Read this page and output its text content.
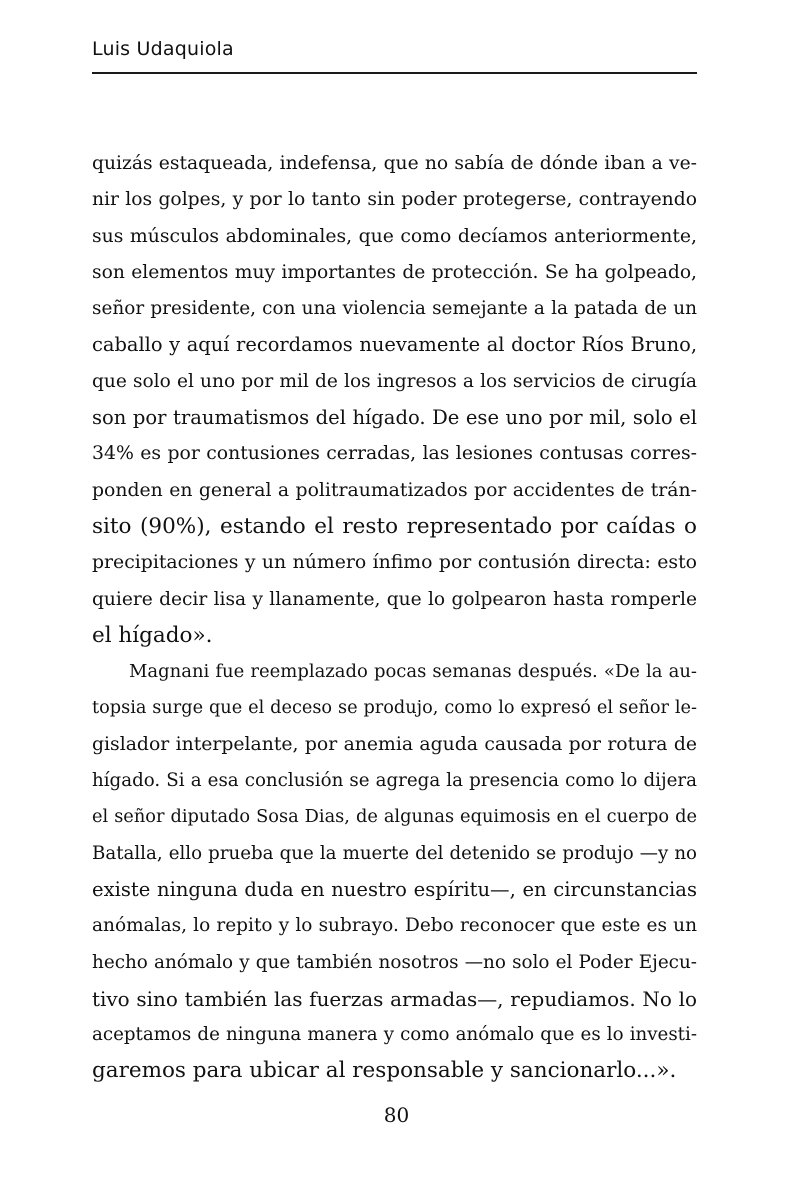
Luis Udaquiola
quizás estaqueada, indefensa, que no sabía de dónde iban a ve-
nir los golpes, y por lo tanto sin poder protegerse, contrayendo
sus músculos abdominales, que como decíamos anteriormente,
son elementos muy importantes de protección. Se ha golpeado,
señor presidente, con una violencia semejante a la patada de un
caballo y aquí recordamos nuevamente al doctor Ríos Bruno,
que solo el uno por mil de los ingresos a los servicios de cirugía
son por traumatismos del hígado. De ese uno por mil, solo el
34% es por contusiones cerradas, las lesiones contusas corres-
ponden en general a politraumatizados por accidentes de trán-
sito (90%), estando el resto representado por caídas o
precipitaciones y un número ínfimo por contusión directa: esto
quiere decir lisa y llanamente, que lo golpearon hasta romperle
el hígado».
Magnani fue reemplazado pocas semanas después. «De la au-
topsia surge que el deceso se produjo, como lo expresó el señor le-
gislador interpelante, por anemia aguda causada por rotura de
hígado. Si a esa conclusión se agrega la presencia como lo dijera
el señor diputado Sosa Dias, de algunas equimosis en el cuerpo de
Batalla, ello prueba que la muerte del detenido se produjo —y no
existe ninguna duda en nuestro espíritu—, en circunstancias
anómalas, lo repito y lo subrayo. Debo reconocer que este es un
hecho anómalo y que también nosotros —no solo el Poder Ejecu-
tivo sino también las fuerzas armadas—, repudiamos. No lo
aceptamos de ninguna manera y como anómalo que es lo investi-
garemos para ubicar al responsable y sancionarlo...».
80
